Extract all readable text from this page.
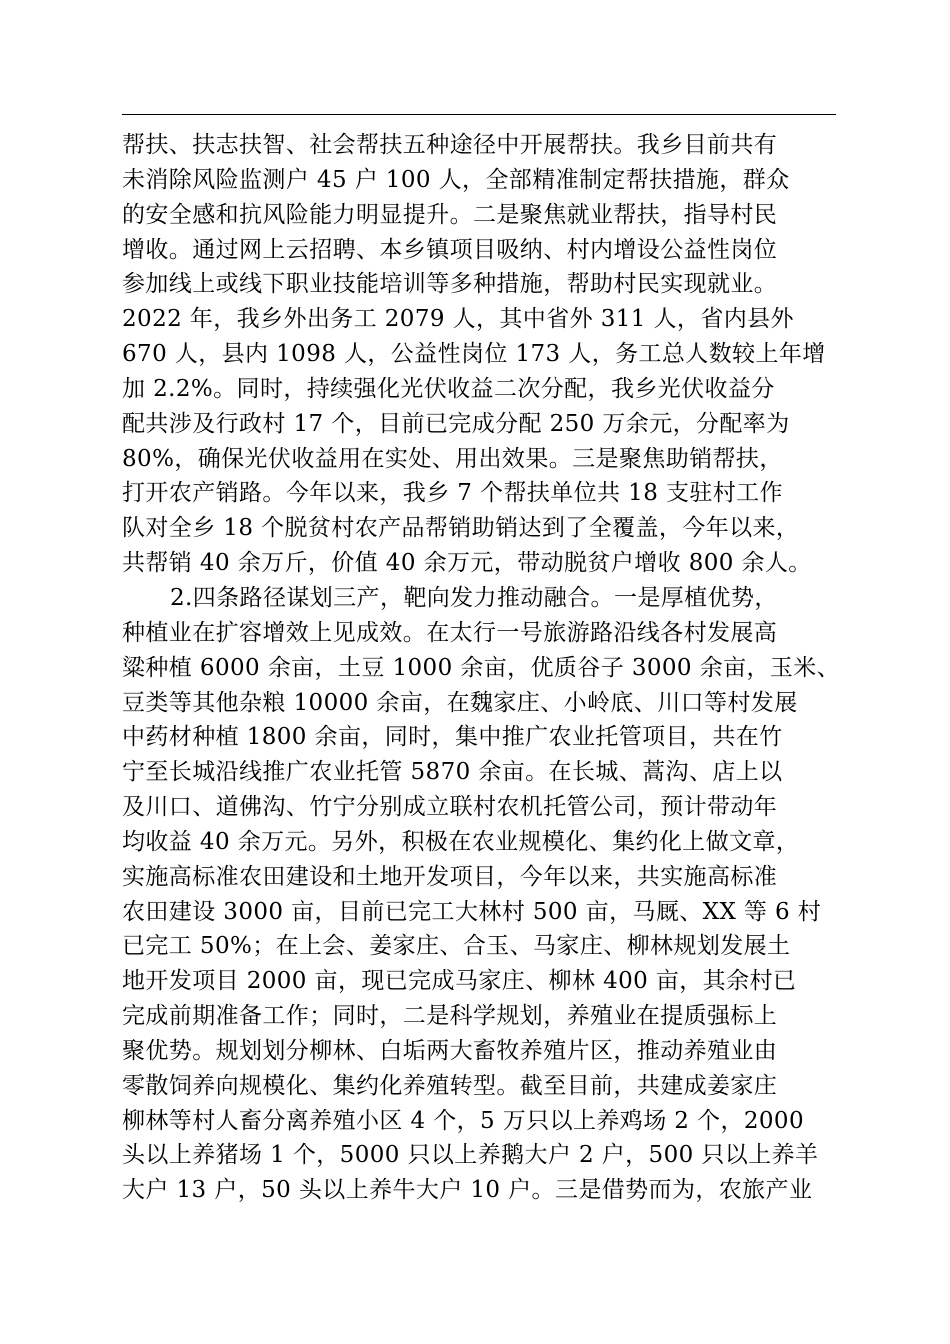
帮扶、扶志扶智、社会帮扶五种途径中开展帮扶。我乡目前共有
未消除风险监测户 45 户 100 人，全部精准制定帮扶措施，群众
的安全感和抗风险能力明显提升。二是聚焦就业帮扶，指导村民
增收。通过网上云招聘、本乡镇项目吸纳、村内增设公益性岗位
参加线上或线下职业技能培训等多种措施，帮助村民实现就业。
2022 年，我乡外出务工 2079 人，其中省外 311 人，省内县外
670 人，县内 1098 人，公益性岗位 173 人，务工总人数较上年增
加 2.2%。同时，持续强化光伏收益二次分配，我乡光伏收益分
配共涉及行政村 17 个，目前已完成分配 250 万余元，分配率为
80%，确保光伏收益用在实处、用出效果。三是聚焦助销帮扶，
打开农产销路。今年以来，我乡 7 个帮扶单位共 18 支驻村工作
队对全乡 18 个脱贫村农产品帮销助销达到了全覆盖，今年以来，
共帮销 40 余万斤，价值 40 余万元，带动脱贫户增收 800 余人。
2.四条路径谋划三产，靶向发力推动融合。一是厚植优势，
种植业在扩容增效上见成效。在太行一号旅游路沿线各村发展高
粱种植 6000 余亩，土豆 1000 余亩，优质谷子 3000 余亩，玉米、
豆类等其他杂粮 10000 余亩，在魏家庄、小岭底、川口等村发展
中药材种植 1800 余亩，同时，集中推广农业托管项目，共在竹
宁至长城沿线推广农业托管 5870 余亩。在长城、蒿沟、店上以
及川口、道佛沟、竹宁分别成立联村农机托管公司，预计带动年
均收益 40 余万元。另外，积极在农业规模化、集约化上做文章，
实施高标准农田建设和土地开发项目，今年以来，共实施高标准
农田建设 3000 亩，目前已完工大林村 500 亩，马厩、XX 等 6 村
已完工 50%；在上会、姜家庄、合玉、马家庄、柳林规划发展土
地开发项目 2000 亩，现已完成马家庄、柳林 400 亩，其余村已
完成前期准备工作；同时，二是科学规划，养殖业在提质强标上
聚优势。规划划分柳林、白垢两大畜牧养殖片区，推动养殖业由
零散饲养向规模化、集约化养殖转型。截至目前，共建成姜家庄
柳林等村人畜分离养殖小区 4 个，5 万只以上养鸡场 2 个，2000
头以上养猪场 1 个，5000 只以上养鹅大户 2 户，500 只以上养羊
大户 13 户，50 头以上养牛大户 10 户。三是借势而为，农旅产业
